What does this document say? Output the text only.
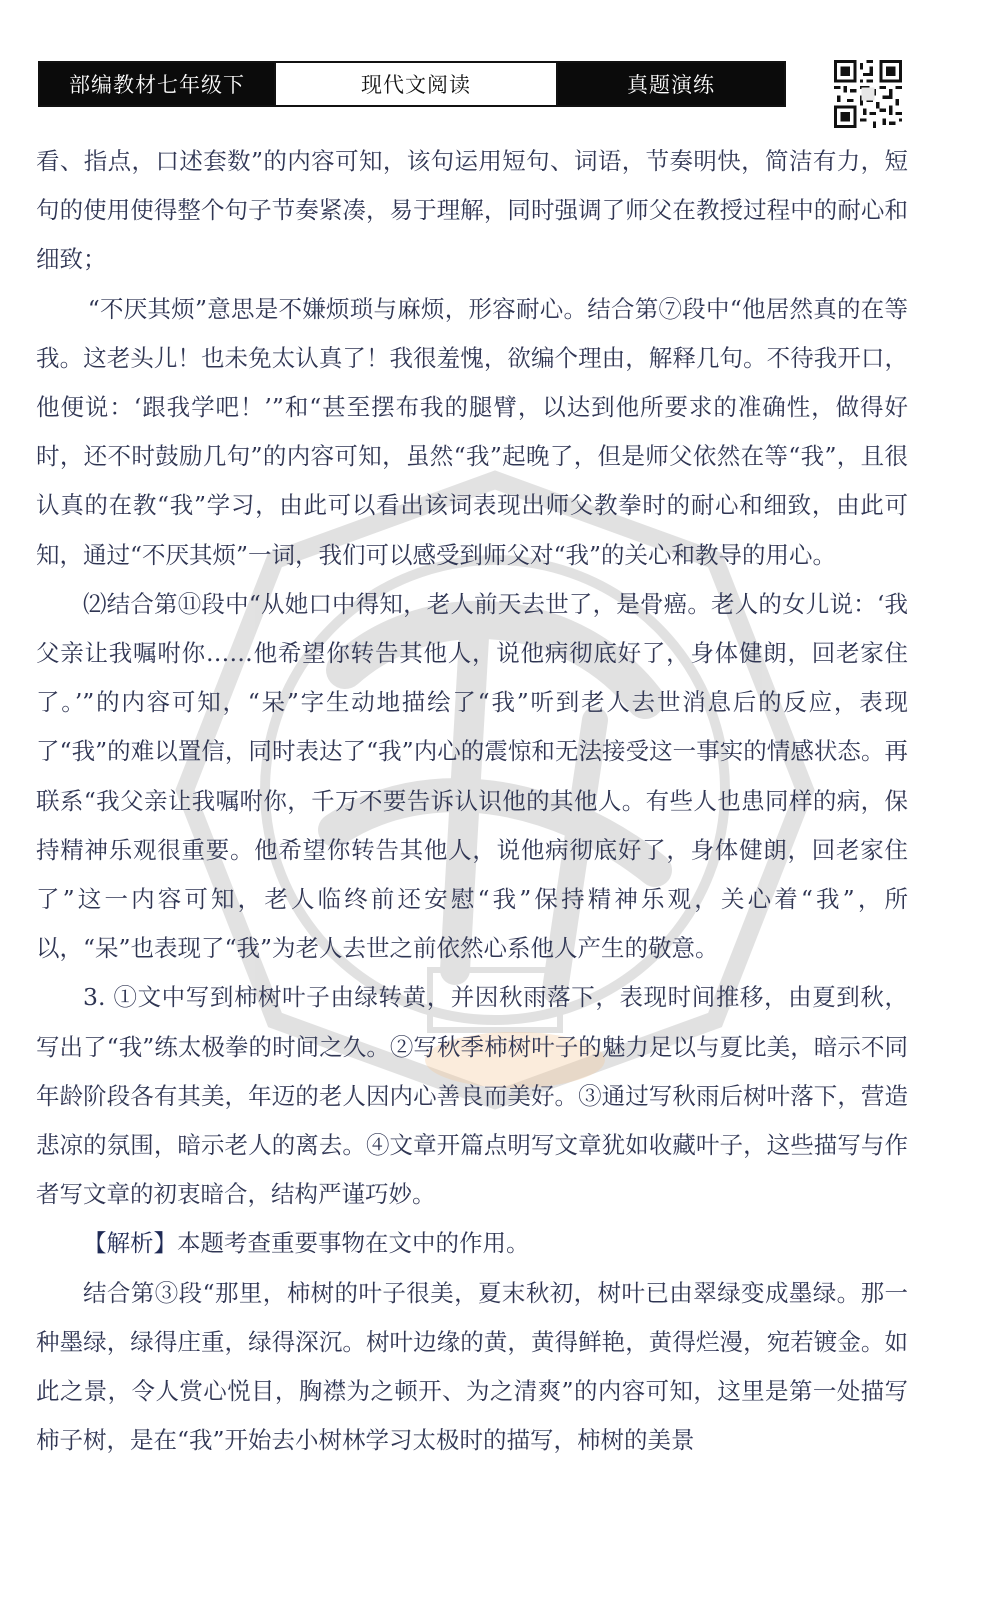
部编教材七年级下	现代文阅读	真题演练

看、指点，口述套数”的内容可知，该句运用短句、词语，节奏明快，简洁有力，短句的使用使得整个句子节奏紧凑，易于理解，同时强调了师父在教授过程中的耐心和细致；

“不厌其烦”意思是不嫌烦琐与麻烦，形容耐心。结合第⑦段中“他居然真的在等我。这老头儿！也未免太认真了！我很羞愧，欲编个理由，解释几句。不待我开口，他便说：‘跟我学吧！’”和“甚至摆布我的腿臂，以达到他所要求的准确性，做得好时，还不时鼓励几句”的内容可知，虽然“我”起晚了，但是师父依然在等“我”，且很认真的在教“我”学习，由此可以看出该词表现出师父教拳时的耐心和细致，由此可知，通过“不厌其烦”一词，我们可以感受到师父对“我”的关心和教导的用心。

⑵结合第⑪段中“从她口中得知，老人前天去世了，是骨癌。老人的女儿说：‘我父亲让我嘱咐你……他希望你转告其他人，说他病彻底好了，身体健朗，回老家住了。’”的内容可知，“呆”字生动地描绘了“我”听到老人去世消息后的反应，表现了“我”的难以置信，同时表达了“我”内心的震惊和无法接受这一事实的情感状态。再联系“我父亲让我嘱咐你，千万不要告诉认识他的其他人。有些人也患同样的病，保持精神乐观很重要。他希望你转告其他人，说他病彻底好了，身体健朗，回老家住了”这一内容可知，老人临终前还安慰“我”保持精神乐观，关心着“我”，所以，“呆”也表现了“我”为老人去世之前依然心系他人产生的敬意。

3. ①文中写到柿树叶子由绿转黄，并因秋雨落下，表现时间推移，由夏到秋，写出了“我”练太极拳的时间之久。②写秋季柿树叶子的魅力足以与夏比美，暗示不同年龄阶段各有其美，年迈的老人因内心善良而美好。③通过写秋雨后树叶落下，营造悲凉的氛围，暗示老人的离去。④文章开篇点明写文章犹如收藏叶子，这些描写与作者写文章的初衷暗合，结构严谨巧妙。

【解析】本题考查重要事物在文中的作用。

结合第③段“那里，柿树的叶子很美，夏末秋初，树叶已由翠绿变成墨绿。那一种墨绿，绿得庄重，绿得深沉。树叶边缘的黄，黄得鲜艳，黄得烂漫，宛若镀金。如此之景，令人赏心悦目，胸襟为之顿开、为之清爽”的内容可知，这里是第一处描写柿子树，是在“我”开始去小树林学习太极时的描写，柿树的美景
